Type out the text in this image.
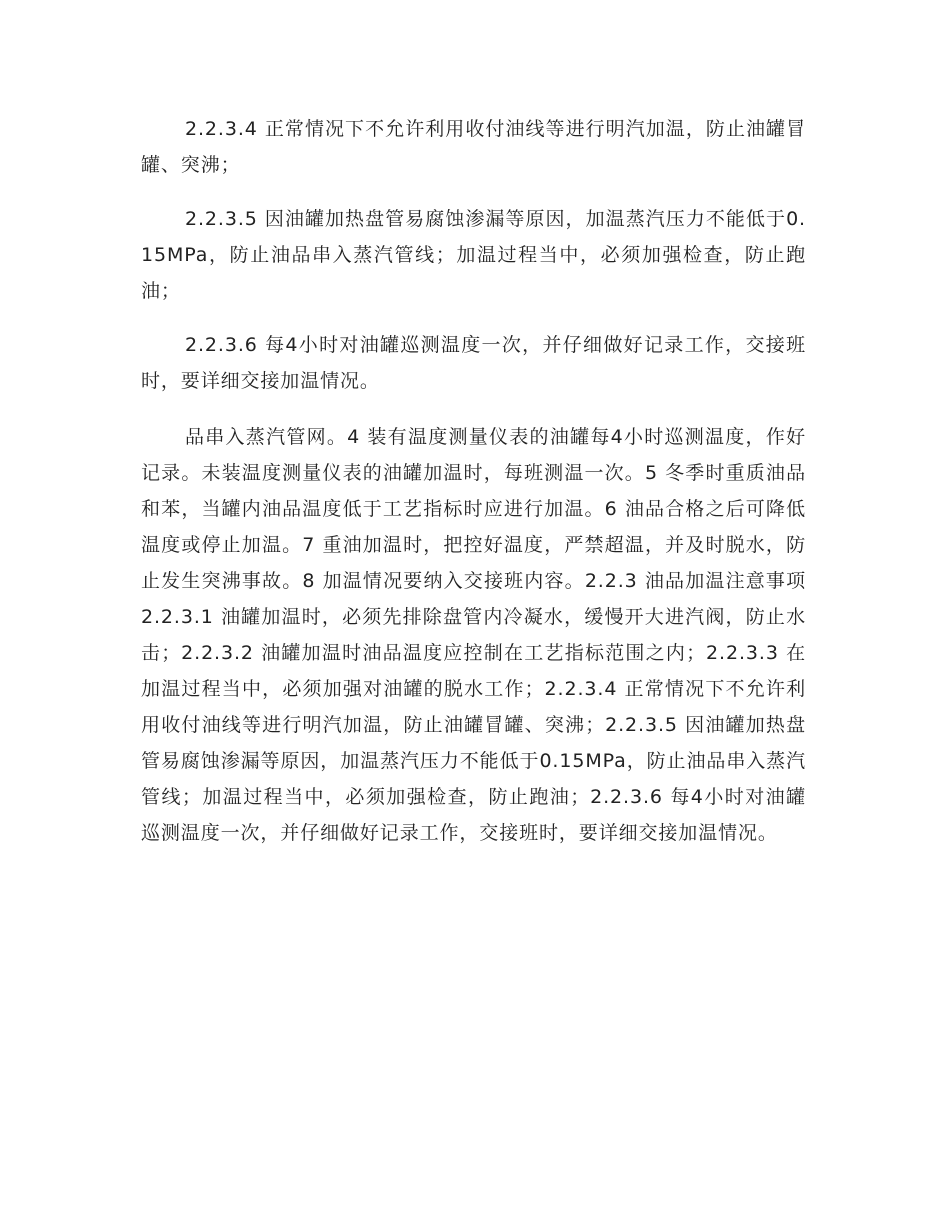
2.2.3.4 正常情况下不允许利用收付油线等进行明汽加温，防止油罐冒罐、突沸；

2.2.3.5 因油罐加热盘管易腐蚀渗漏等原因，加温蒸汽压力不能低于0.15MPa，防止油品串入蒸汽管线；加温过程当中，必须加强检查，防止跑油；

2.2.3.6 每4小时对油罐巡测温度一次，并仔细做好记录工作，交接班时，要详细交接加温情况。

品串入蒸汽管网。4 装有温度测量仪表的油罐每4小时巡测温度，作好记录。未装温度测量仪表的油罐加温时，每班测温一次。5 冬季时重质油品和苯，当罐内油品温度低于工艺指标时应进行加温。6 油品合格之后可降低温度或停止加温。7 重油加温时，把控好温度，严禁超温，并及时脱水，防止发生突沸事故。8 加温情况要纳入交接班内容。2.2.3 油品加温注意事项2.2.3.1 油罐加温时，必须先排除盘管内冷凝水，缓慢开大进汽阀，防止水击；2.2.3.2 油罐加温时油品温度应控制在工艺指标范围之内；2.2.3.3 在加温过程当中，必须加强对油罐的脱水工作；2.2.3.4 正常情况下不允许利用收付油线等进行明汽加温，防止油罐冒罐、突沸；2.2.3.5 因油罐加热盘管易腐蚀渗漏等原因，加温蒸汽压力不能低于0.15MPa，防止油品串入蒸汽管线；加温过程当中，必须加强检查，防止跑油；2.2.3.6 每4小时对油罐巡测温度一次，并仔细做好记录工作，交接班时，要详细交接加温情况。
